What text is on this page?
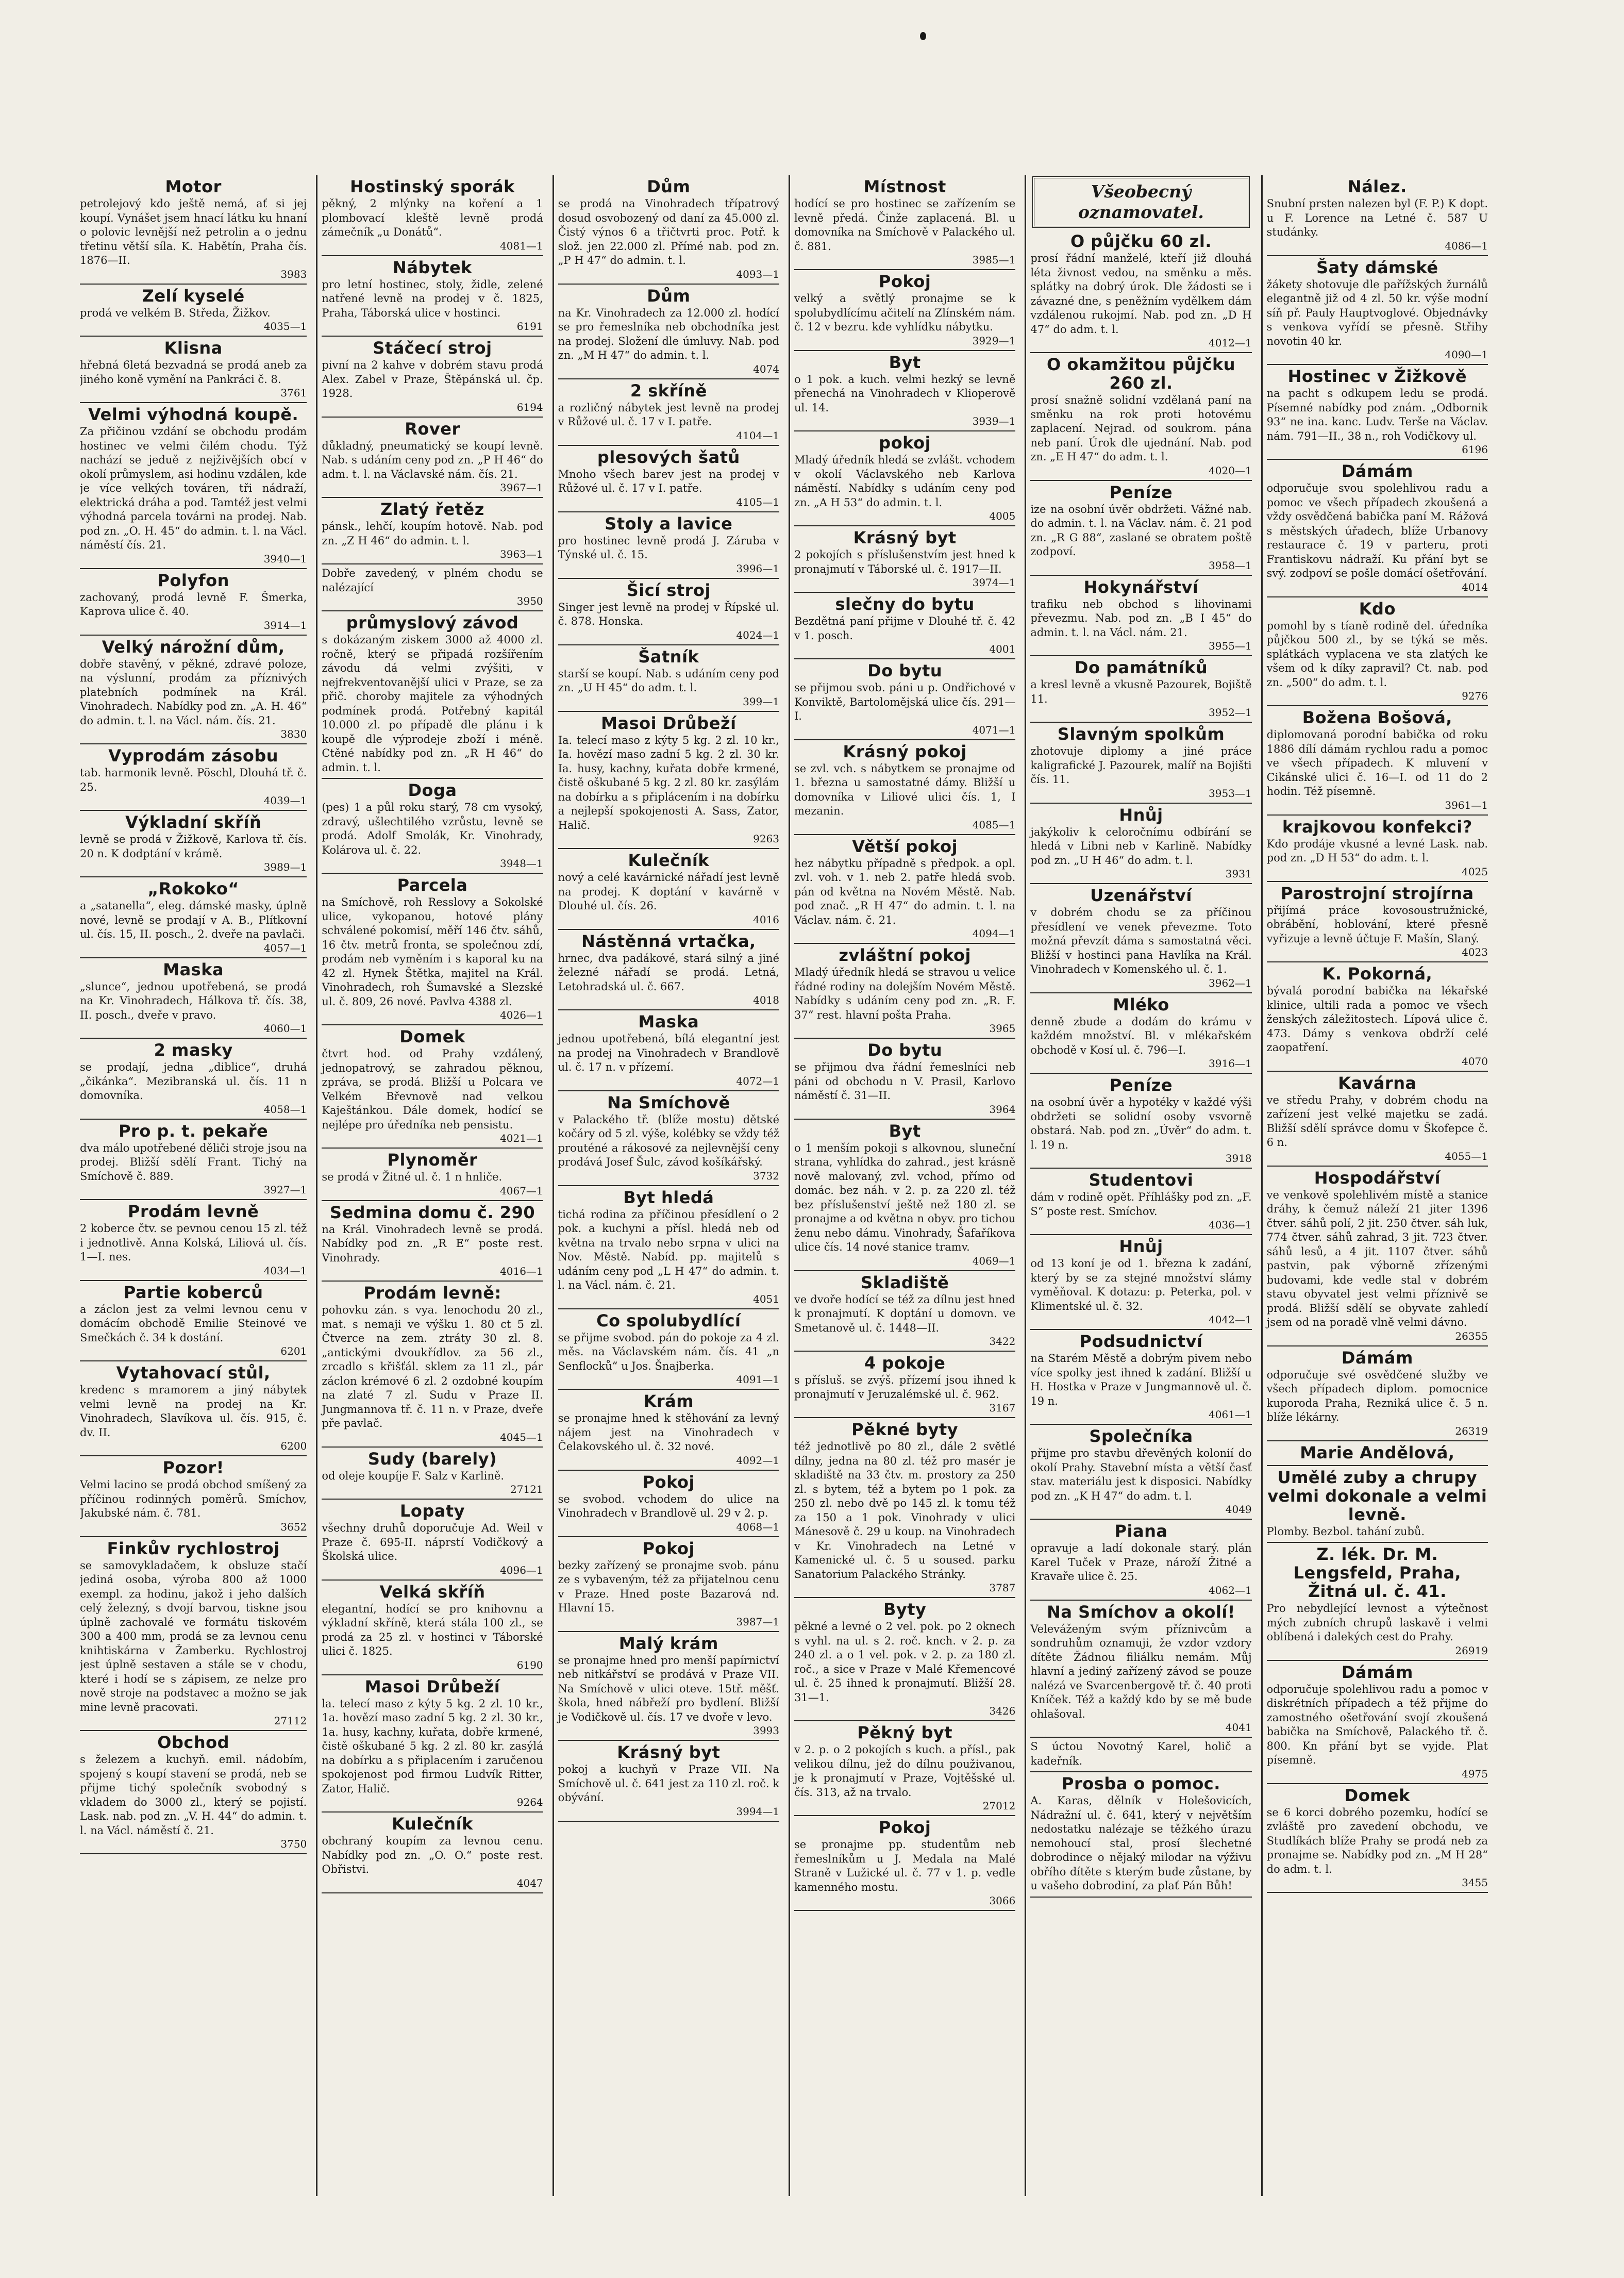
Motor

petrolejový kdo ještě nemá, ať si jej koupí. Vynášet jsem hnací látku ku hnaní o polovic levnější než petrolin a o jednu třetinu větší síla. K. Habětín, Praha čís. 1876—II.

3983
Zelí kyselé

prodá ve velkém B. Středa, Žižkov.

4035—1
Klisna

hřebná 6letá bezvadná se prodá aneb za jiného koně vymění na Pankráci č. 8.

3761
Velmi výhodná koupě.

Za přičinou vzdání se obchodu prodám hostinec ve velmi čilém chodu. Týž nachází se jeduě z nejživějších obcí v okolí průmyslem, asi hodinu vzdálen, kde je více velkých továren, tři nádraží, elektrická dráha a pod. Tamtéž jest velmi výhodná parcela továrni na prodej. Nab. pod zn. „O. H. 45“ do admin. t. l. na Václ. náměstí čís. 21.

3940—1
Polyfon

zachovaný, prodá levně F. Šmerka, Kaprova ulice č. 40.

3914—1
Velký nárožní dům,

dobře stavěný, v pěkné, zdravé poloze, na výslunní, prodám za příznivých platebních podmínek na Král. Vinohradech. Nabídky pod zn. „A. H. 46“ do admin. t. l. na Václ. nám. čís. 21.

3830
Vyprodám zásobu

tab. harmonik levně. Pöschl, Dlouhá tř. č. 25.

4039—1
Výkladní skříň

levně se prodá v Žižkově, Karlova tř. čís. 20 n. K dodptání v krámě.

3989—1
„Rokoko“

a „satanella“, eleg. dámské masky, úplně nové, levně se prodají v A. B., Plítkovní ul. čís. 15, II. posch., 2. dveře na pavlači.

4057—1
Maska

„slunce“, jednou upotřebená, se prodá na Kr. Vinohradech, Hálkova tř. čís. 38, II. posch., dveře v pravo.

4060—1
2 masky

se prodají, jedna „diblice“, druhá „čikánka“. Mezibranská ul. čís. 11 n domovníka.

4058—1
Pro p. t. pekaře

dva málo upotřebené děliči stroje jsou na prodej. Bližší sdělí Frant. Tichý na Smíchově č. 889.

3927—1
Prodám levně

2 koberce čtv. se pevnou cenou 15 zl. též i jednotlivě. Anna Kolská, Liliová ul. čís. 1—I. nes.

4034—1
Partie koberců

a záclon jest za velmi levnou cenu v domácím obchodě Emilie Steinové ve Smečkách č. 34 k dostání.

6201
Vytahovací stůl,

kredenc s mramorem a jiný nábytek velmi levně na prodej na Kr. Vinohradech, Slavíkova ul. čís. 915, č. dv. II.

6200
Pozor!

Velmi lacino se prodá obchod smíšený za příčinou rodinných poměrů. Smíchov, Jakubské nám. č. 781.

3652
Finkův rychlostroj

se samovykladačem, k obsluze stačí jediná osoba, výroba 800 až 1000 exempl. za hodinu, jakož i jeho dalších celý železný, s dvojí barvou, tiskne jsou úplně zachovalé ve formátu tiskovém 300 a 400 mm, prodá se za levnou cenu knihtiskárna v Žamberku. Rychlostroj jest úplně sestaven a stále se v chodu, které i hodí se s zápisem, ze nelze pro nově stroje na podstavec a možno se jak mine levně pracovati.

27112
Obchod

s železem a kuchyň. emil. nádobím, spojený s koupí stavení se prodá, neb se přijme tichý společník svobodný s vkladem do 3000 zl., který se pojistí. Lask. nab. pod zn. „V. H. 44“ do admin. t. l. na Václ. náměstí č. 21.

3750
Hostinský sporák

pěkný, 2 mlýnky na koření a 1 plombovací kleště levně prodá zámečník „u Donátů“.

4081—1
Nábytek

pro letní hostinec, stoly, židle, zelené natřené levně na prodej v č. 1825, Praha, Táborská ulice v hostinci.

6191
Stáčecí stroj

pivní na 2 kahve v dobrém stavu prodá Alex. Zabel v Praze, Štěpánská ul. čp. 1928.

6194
Rover

důkladný, pneumatický se koupí levně. Nab. s udáním ceny pod zn. „P H 46“ do adm. t. l. na Václavské nám. čís. 21.

3967—1
Zlatý řetěz

pánsk., lehčí, koupím hotově. Nab. pod zn. „Z H 46“ do admin. t. l.

3963—1

Dobře zavedený, v plném chodu se nalézající

3950
průmyslový závod

s dokázaným ziskem 3000 až 4000 zl. ročně, který se připadá rozšířením závodu dá velmi zvýšiti, v nejfrekventovanější ulici v Praze, se za přič. choroby majitele za výhodných podmínek prodá. Potřebný kapitál 10.000 zl. po případě dle plánu i k koupě dle výprodeje zboží i méně. Ctěné nabídky pod zn. „R H 46“ do admin. t. l.

Doga

(pes) 1 a půl roku starý, 78 cm vysoký, zdravý, ušlechtilého vzrůstu, levně se prodá. Adolf Smolák, Kr. Vinohrady, Kolárova ul. č. 22.

3948—1
Parcela

na Smíchově, roh Resslovy a Sokolské ulice, vykopanou, hotové plány schválené pokomisí, měří 146 čtv. sáhů, 16 čtv. metrů fronta, se společnou zdí, prodám neb vyměním i s kaporal ku na 42 zl. Hynek Štětka, majitel na Král. Vinohradech, roh Šumavské a Slezské ul. č. 809, 26 nové. Pavlva 4388 zl.

4026—1
Domek

čtvrt hod. od Prahy vzdálený, jednopatrový, se zahradou pěknou, zpráva, se prodá. Bližší u Polcara ve Velkém Břevnově nad velkou Kaještánkou. Dále domek, hodící se nejlépe pro úředníka neb pensistu.

4021—1
Plynoměr

se prodá v Žitné ul. č. 1 n hnliče.

4067—1
Sedmina domu č. 290

na Král. Vinohradech levně se prodá. Nabídky pod zn. „R E“ poste rest. Vinohrady.

4016—1
Prodám levně:

pohovku zán. s vya. lenochodu 20 zl., mat. s nemaji ve výšku 1. 80 ct 5 zl. Čtverce na zem. ztráty 30 zl. 8. „antickými dvoukřídlov. za 56 zl., zrcadlo s křišťál. sklem za 11 zl., pár záclon krémové 6 zl. 2 ozdobné koupím na zlaté 7 zl. Sudu v Praze II. Jungmannova tř. č. 11 n. v Praze, dveře pře pavlač.

4045—1
Sudy (barely)

od oleje koupíje F. Salz v Karlině.

27121
Lopaty

všechny druhů doporučuje Ad. Weil v Praze č. 695-II. náprstí Vodičkový a Školská ulice.

4096—1
Velká skříň

elegantní, hodící se pro knihovnu a výkladní skříně, která stála 100 zl., se prodá za 25 zl. v hostinci v Táborské ulici č. 1825.

6190
Masoi Drůbeží

la. telecí maso z kýty 5 kg. 2 zl. 10 kr., 1a. hovězí maso zadní 5 kg. 2 zl. 30 kr., 1a. husy, kachny, kuřata, dobře krmené, čistě oškubané 5 kg. 2 zl. 80 kr. zasýlá na dobírku a s připlacením i zaručenou spokojenost pod firmou Ludvík Ritter, Zator, Halič.

9264
Kulečník

obchraný koupím za levnou cenu. Nabídky pod zn. „O. O.“ poste rest. Obřistvi.

4047
Dům

se prodá na Vinohradech třípatrový dosud osvobozený od daní za 45.000 zl. Čistý výnos 6 a třičtvrti proc. Potř. k slož. jen 22.000 zl. Přímé nab. pod zn. „P H 47“ do admin. t. l.

4093—1
Dům

na Kr. Vinohradech za 12.000 zl. hodící se pro řemeslníka neb obchodníka jest na prodej. Složení dle úmluvy. Nab. pod zn. „M H 47“ do admin. t. l.

4074
2 skříně

a rozličný nábytek jest levně na prodej v Růžové ul. č. 17 v I. patře.

4104—1
plesových šatů

Mnoho všech barev jest na prodej v Růžové ul. č. 17 v I. patře.

4105—1
Stoly a lavice

pro hostinec levně prodá J. Záruba v Týnské ul. č. 15.

3996—1
Šicí stroj

Singer jest levně na prodej v Řípské ul. č. 878. Honska.

4024—1
Šatník

starší se koupí. Nab. s udáním ceny pod zn. „U H 45“ do adm. t. l.

399—1
Masoi Drůbeží

Ia. telecí maso z kýty 5 kg. 2 zl. 10 kr., Ia. hovězí maso zadní 5 kg. 2 zl. 30 kr. Ia. husy, kachny, kuřata dobře krmené, čistě oškubané 5 kg. 2 zl. 80 kr. zasýlám na dobírku a s připlácením i na dobírku a nejlepší spokojenosti A. Sass, Zator, Halič.

9263
Kulečník

nový a celé kavárnické nářadí jest levně na prodej. K doptání v kavárně v Dlouhé ul. čís. 26.

4016
Nástěnná vrtačka,

hrnec, dva padákové, stará silný a jiné železné nářadí se prodá. Letná, Letohradská ul. č. 667.

4018
Maska

jednou upotřebená, bílá elegantní jest na prodej na Vinohradech v Brandlově ul. č. 17 n. v přízemí.

4072—1
Na Smíchově

v Palackého tř. (blíže mostu) dětské kočáry od 5 zl. výše, kolébky se vždy též prouténé a rákosové za nejlevnější ceny prodává Josef Šulc, závod košíkářský.

3732
Byt hledá

tichá rodina za příčinou přesídlení o 2 pok. a kuchyni a přísl. hledá neb od května na trvalo nebo srpna v ulici na Nov. Městě. Nabíd. pp. majitelů s udáním ceny pod „L H 47“ do admin. t. l. na Václ. nám. č. 21.

4051
Co spolubydlící

se přijme svobod. pán do pokoje za 4 zl. měs. na Václavském nám. čís. 41 „n Senflocků“ u Jos. Šnajberka.

4091—1
Krám

se pronajme hned k stěhování za levný nájem jest na Vinohradech v Čelakovského ul. č. 32 nové.

4092—1
Pokoj

se svobod. vchodem do ulice na Vinohradech v Brandlově ul. 29 v 2. p.

4068—1
Pokoj

bezky zařízený se pronajme svob. pánu ze s vybaveným, též za přijatelnou cenu v Praze. Hned poste Bazarová nd. Hlavní 15.

3987—1
Malý krám

se pronajme hned pro menší papírnictví neb nitkářství se prodává v Praze VII. Na Smíchově v ulici oteve. 15tř. měšť. škola, hned nábřeží pro bydlení. Bližší je Vodičkově ul. čís. 17 ve dvoře v levo.

3993
Krásný byt

pokoj a kuchyň v Praze VII. Na Smíchově ul. č. 641 jest za 110 zl. roč. k obývání.

3994—1
Místnost

hodící se pro hostinec se zařízením se levně předá. Činže zaplacená. Bl. u domovníka na Smíchově v Palackého ul. č. 881.

3985—1
Pokoj

velký a světlý pronajme se k spolubydlícímu ačitelí na Zlínském nám. č. 12 v bezru. kde vyhlídku nábytku.

3929—1
Byt

o 1 pok. a kuch. velmi hezký se levně přenechá na Vinohradech v Klioperově ul. 14.

3939—1
pokoj

Mladý úředník hledá se zvlášt. vchodem v okolí Václavského neb Karlova náměstí. Nabídky s udáním ceny pod zn. „A H 53“ do admin. t. l.

4005
Krásný byt

2 pokojích s příslušenstvím jest hned k pronajmutí v Táborské ul. č. 1917—II.

3974—1
slečny do bytu

Bezdětná paní přijme v Dlouhé tř. č. 42 v 1. posch.

4001
Do bytu

se přijmou svob. páni u p. Ondřichové v Konviktě, Bartolomějská ulice čís. 291—I.

4071—1
Krásný pokoj

se zvl. vch. s nábytkem se pronajme od 1. března u samostatné dámy. Bližší u domovníka v Liliové ulici čís. 1, I mezanin.

4085—1
Větší pokoj

hez nábytku případně s předpok. a opl. zvl. voh. v 1. neb 2. patře hledá svob. pán od května na Novém Městě. Nab. pod znač. „R H 47“ do admin. t. l. na Václav. nám. č. 21.

4094—1
zvláštní pokoj

Mladý úředník hledá se stravou u velice řádné rodiny na dolejším Novém Městě. Nabídky s udáním ceny pod zn. „R. F. 37“ rest. hlavní pošta Praha.

3965
Do bytu

se přijmou dva řádní řemeslníci neb páni od obchodu n V. Prasil, Karlovo náměstí č. 31—II.

3964
Byt

o 1 menším pokoji s alkovnou, sluneční strana, vyhlídka do zahrad., jest krásně nově malovaný, zvl. vchod, přímo od domác. bez náh. v 2. p. za 220 zl. též bez příslušenství ještě než 180 zl. se pronajme a od května n obyv. pro tichou ženu nebo dámu. Vinohrady, Šafaříkova ulice čís. 14 nové stanice tramv.

4069—1
Skladiště

ve dvoře hodící se též za dílnu jest hned k pronajmutí. K doptání u domovn. ve Smetanově ul. č. 1448—II.

3422
4 pokoje

s přísluš. se zvýš. přízemí jsou ihned k pronajmutí v Jeruzalémské ul. č. 962.

3167
Pěkné byty

též jednotlivě po 80 zl., dále 2 světlé dílny, jedna na 80 zl. též pro masér je skladiště na 33 čtv. m. prostory za 250 zl. s bytem, též a bytem po 1 pok. za 250 zl. nebo dvě po 145 zl. k tomu též za 150 a 1 pok. Vinohrady v ulici Mánesově č. 29 u koup. na Vinohradech v Kr. Vinohradech na Letné v Kamenické ul. č. 5 u soused. parku Sanatorium Palackého Stránky.

3787
Byty

pěkné a levné o 2 vel. pok. po 2 oknech s vyhl. na ul. s 2. roč. knch. v 2. p. za 240 zl. a o 1 vel. pok. v 2. p. za 180 zl. roč., a sice v Praze v Malé Křemencové ul. č. 25 ihned k pronajmutí. Bližší 28. 31—1.

3426
Pěkný byt

v 2. p. o 2 pokojích s kuch. a přísl., pak velikou dílnu, jež do dílnu použivanou, je k pronajmutí v Praze, Vojtěšské ul. čís. 313, až na trvalo.

27012
Pokoj

se pronajme pp. studentům neb řemeslníkům u J. Medala na Malé Straně v Lužické ul. č. 77 v 1. p. vedle kamenného mostu.

3066
Všeobecný oznamovatel.
O půjčku 60 zl.

prosí řádní manželé, kteří již dlouhá léta živnost vedou, na směnku a měs. splátky na dobrý úrok. Dle žádosti se i závazné dne, s peněžním vydělkem dám vzdálenou rukojmí. Nab. pod zn. „D H 47“ do adm. t. l.

4012—1
O okamžitou půjčku 260 zl.

prosí snažně solidní vzdělaná paní na směnku na rok proti hotovému zaplacení. Nejrad. od soukrom. pána neb paní. Úrok dle ujednání. Nab. pod zn. „E H 47“ do adm. t. l.

4020—1
Peníze

ize na osobní úvěr obdržeti. Vážné nab. do admin. t. l. na Václav. nám. č. 21 pod zn. „R G 88“, zaslané se obratem poště zodpoví.

3958—1
Hokynářství

trafiku neb obchod s lihovinami převezmu. Nab. pod zn. „B I 45“ do admin. t. l. na Václ. nám. 21.

3955—1
Do památníků

a kresl levně a vkusně Pazourek, Bojiště 11.

3952—1
Slavným spolkům

zhotovuje diplomy a jiné práce kaligrafické J. Pazourek, malíř na Bojišti čís. 11.

3953—1
Hnůj

jakýkoliv k celoročnímu odbírání se hledá v Libni neb v Karlině. Nabídky pod zn. „U H 46“ do adm. t. l.

3931
Uzenářství

v dobrém chodu se za příčinou přesídlení ve venek převezme. Toto možná převzít dáma s samostatná věci. Bližší v hostinci pana Havlíka na Král. Vinohradech v Komenského ul. č. 1.

3962—1
Mléko

denně zbude a dodám do krámu v každém množství. Bl. v mlékařském obchodě v Kosí ul. č. 796—I.

3916—1
Peníze

na osobní úvěr a hypotéky v každé výši obdržeti se solidní osoby vsvorně obstará. Nab. pod zn. „Úvěr“ do adm. t. l. 19 n.

3918
Studentovi

dám v rodině opět. Příhlášky pod zn. „F. S“ poste rest. Smíchov.

4036—1
Hnůj

od 13 koní je od 1. března k zadání, který by se za stejné množství slámy vyměňoval. K dotazu: p. Peterka, pol. v Klimentské ul. č. 32.

4042—1
Podsudnictví

na Starém Městě a dobrým pivem nebo více spolky jest ihned k zadání. Bližší u H. Hostka v Praze v Jungmannově ul. č. 19 n.

4061—1
Společníka

přijme pro stavbu dřevěných kolonií do okolí Prahy. Stavební místa a větší časť stav. materiálu jest k disposici. Nabídky pod zn. „K H 47“ do adm. t. l.

4049
Piana

opravuje a ladí dokonale starý. plán Karel Tuček v Praze, nároží Žitné a Kravaře ulice č. 25.

4062—1
Na Smíchov a okolí!

Veleváženým svým příznivcům a sondruhům oznamuji, že vzdor vzdory dítěte Žádnou filiálku nemám. Můj hlavní a jediný zařízený závod se pouze nalézá ve Svarcenbergově tř. č. 40 proti Kníček. Též a každý kdo by se mě bude ohlašoval.

4041

S úctou Novotný Karel, holič a kadeřník.

Prosba o pomoc.

A. Karas, dělník v Holešovicích, Nádražní ul. č. 641, který v největším nedostatku nalézaje se těžkého úrazu nemohoucí stal, prosí šlechetné dobrodince o nějaký milodar na výživu obřího dítěte s kterým bude zůstane, by u vašeho dobrodiní, za plať Pán Bůh!

Nález.

Snubní prsten nalezen byl (F. P.) K dopt. u F. Lorence na Letné č. 587 U studánky.

4086—1
Šaty dámské

žákety shotovuje dle pařížských žurnálů elegantně již od 4 zl. 50 kr. výše modní síň př. Pauly Hauptvoglové. Objednávky s venkova vyřídí se přesně. Střihy novotin 40 kr.

4090—1
Hostinec v Žižkově

na pacht s odkupem ledu se prodá. Písemné nabídky pod znám. „Odbornik 93“ ne ina. kanc. Ludv. Terše na Václav. nám. 791—II., 38 n., roh Vodičkovy ul.

6196
Dámám

odporučuje svou spolehlivou radu a pomoc ve všech případech zkoušená a vždy osvědčená babička paní M. Rážová s městských úřadech, blíže Urbanovy restaurace č. 19 v parteru, proti Frantiskovu nádraží. Ku přání byt se svý. zodpoví se pošle domácí ošetřování.

4014
Kdo

pomohl by s tíaně rodině del. úředníka půjčkou 500 zl., by se týká se měs. splátkách vyplacena ve sta zlatých ke všem od k díky zapravil? Ct. nab. pod zn. „500“ do adm. t. l.

9276
Božena Bošová,

diplomovaná porodní babička od roku 1886 dílí dámám rychlou radu a pomoc ve všech případech. K mluvení v Cikánské ulici č. 16—I. od 11 do 2 hodin. Též písemně.

3961—1
krajkovou konfekci?

Kdo prodáje vkusné a levné Lask. nab. pod zn. „D H 53“ do adm. t. l.

4025
Parostrojní strojírna

přijímá práce kovosoustružnické, obrábění, hoblování, které přesně vyřizuje a levně účtuje F. Mašín, Slaný.

4023
K. Pokorná,

bývalá porodní babička na lékařské klinice, ultili rada a pomoc ve všech ženských záležitostech. Lípová ulice č. 473. Dámy s venkova obdrží celé zaopatření.

4070
Kavárna

ve středu Prahy, v dobrém chodu na zařízení jest velké majetku se zadá. Bližší sdělí správce domu v Škofepce č. 6 n.

4055—1
Hospodářství

ve venkově spolehlivém místě a stanice dráhy, k čemuž náleží 21 jiter 1396 čtver. sáhů polí, 2 jit. 250 čtver. sáh luk, 774 čtver. sáhů zahrad, 3 jit. 723 čtver. sáhů lesů, a 4 jit. 1107 čtver. sáhů pastvin, pak výborně zřízenými budovami, kde vedle stal v dobrém stavu obyvatel jest velmi příznivě se prodá. Bližší sdělí se obyvate zahledí jsem od na poradě vlně velmi dávno.

26355
Dámám

odporučuje své osvědčené služby ve všech případech diplom. pomocnice kuporoda Praha, Rezniká ulice č. 5 n. blíže lékárny.

26319
Marie Andělová,
Umělé zuby a chrupy velmi dokonale a velmi levně.

Plomby. Bezbol. tahání zubů.

Z. lék. Dr. M. Lengsfeld, Praha, Žitná ul. č. 41.

Pro nebydlející levnost a výtečnost mých zubních chrupů laskavě i velmi oblíbená i dalekých cest do Prahy.

26919
Dámám

odporučuje spolehlivou radu a pomoc v diskrétních případech a též přijme do zamostného ošetřování svojí zkoušená babička na Smíchově, Palackého tř. č. 800. Kn přání byt se vyjde. Plat písemně.

4975
Domek

se 6 korci dobrého pozemku, hodící se zvláště pro zavedení obchodu, ve Studlíkách blíže Prahy se prodá neb za pronajme se. Nabídky pod zn. „M H 28“ do adm. t. l.

3455
